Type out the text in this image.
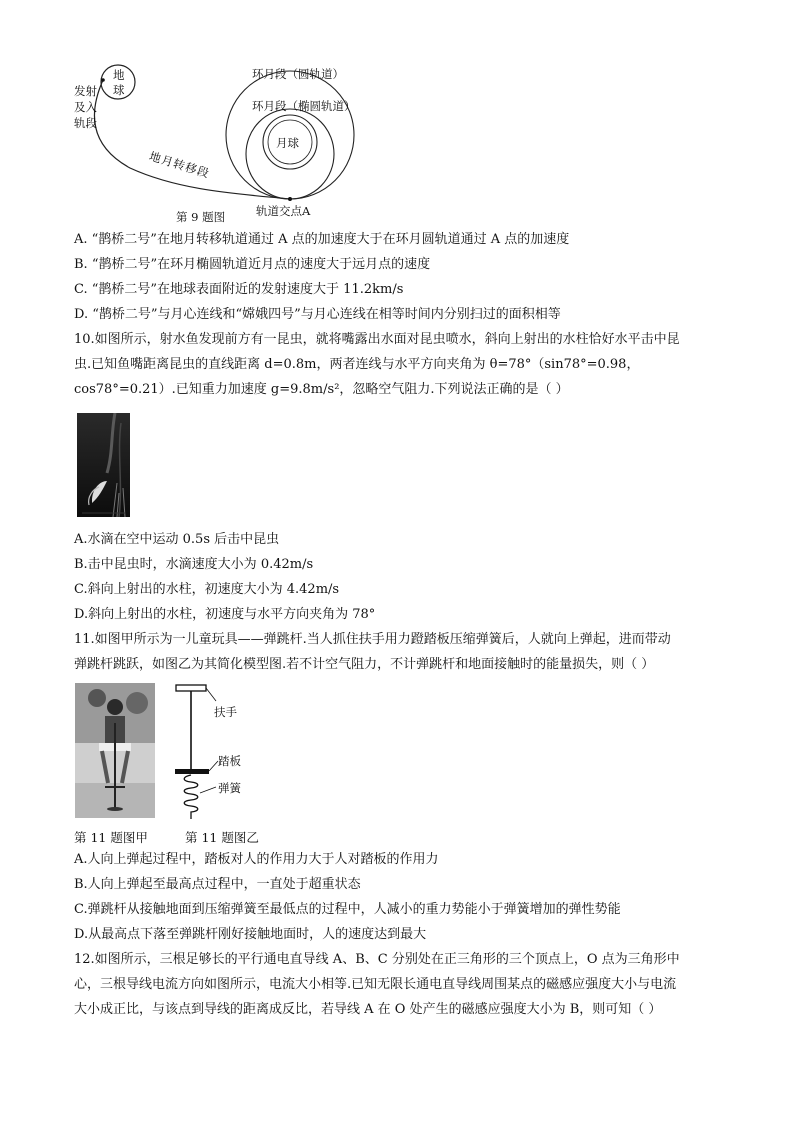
地
球
发射
及入
轨段
地月转移段
环月段（圆轨道）
环月段（椭圆轨道）
月球
轨道交点A
第 9 题图
A. “鹊桥二号”在地月转移轨道通过 A 点的加速度大于在环月圆轨道通过 A 点的加速度
B. “鹊桥二号”在环月椭圆轨道近月点的速度大于远月点的速度
C. “鹊桥二号”在地球表面附近的发射速度大于 11.2km/s
D. “鹊桥二号”与月心连线和“嫦娥四号”与月心连线在相等时间内分别扫过的面积相等
10.如图所示，射水鱼发现前方有一昆虫，就将嘴露出水面对昆虫喷水，斜向上射出的水柱恰好水平击中昆
虫.已知鱼嘴距离昆虫的直线距离 d=0.8m，两者连线与水平方向夹角为 θ=78°（sin78°=0.98，
cos78°=0.21）.已知重力加速度 g=9.8m/s²，忽略空气阻力.下列说法正确的是（ ）
A.水滴在空中运动 0.5s 后击中昆虫
B.击中昆虫时，水滴速度大小为 0.42m/s
C.斜向上射出的水柱，初速度大小为 4.42m/s
D.斜向上射出的水柱，初速度与水平方向夹角为 78°
11.如图甲所示为一儿童玩具——弹跳杆.当人抓住扶手用力蹬踏板压缩弹簧后，人就向上弹起，进而带动
弹跳杆跳跃，如图乙为其简化模型图.若不计空气阻力，不计弹跳杆和地面接触时的能量损失，则（ ）
扶手
踏板
弹簧
第 11 题图甲	第 11 题图乙
A.人向上弹起过程中，踏板对人的作用力大于人对踏板的作用力
B.人向上弹起至最高点过程中，一直处于超重状态
C.弹跳杆从接触地面到压缩弹簧至最低点的过程中，人减小的重力势能小于弹簧增加的弹性势能
D.从最高点下落至弹跳杆刚好接触地面时，人的速度达到最大
12.如图所示，三根足够长的平行通电直导线 A、B、C 分别处在正三角形的三个顶点上，O 点为三角形中
心，三根导线电流方向如图所示，电流大小相等.已知无限长通电直导线周围某点的磁感应强度大小与电流
大小成正比，与该点到导线的距离成反比，若导线 A 在 O 处产生的磁感应强度大小为 B，则可知（ ）
